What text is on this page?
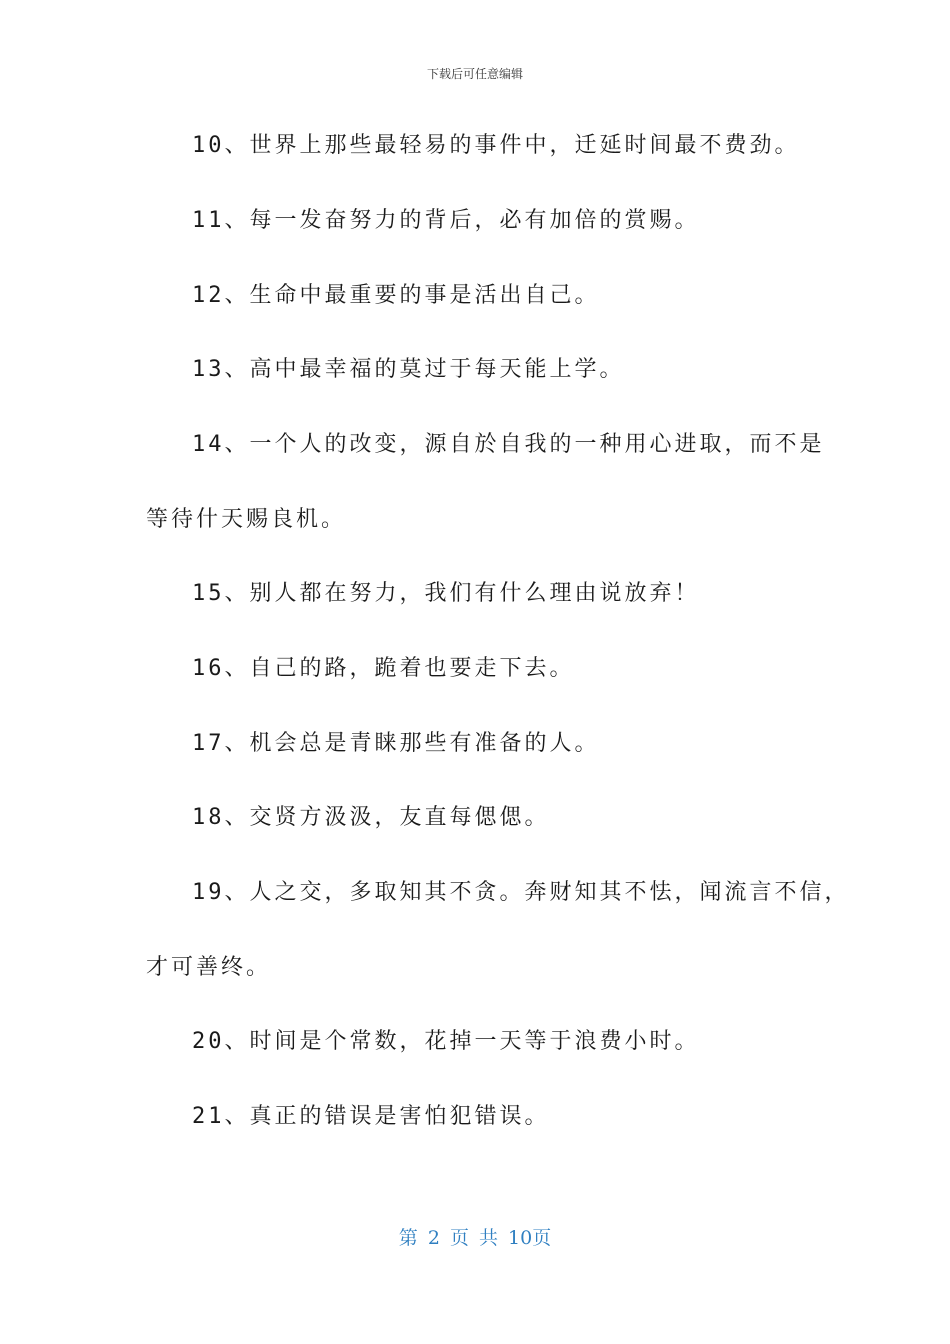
下载后可任意编辑
10、世界上那些最轻易的事件中，迁延时间最不费劲。
11、每一发奋努力的背后，必有加倍的赏赐。
12、生命中最重要的事是活出自己。
13、高中最幸福的莫过于每天能上学。
14、一个人的改变，源自於自我的一种用心进取，而不是
等待什天赐良机。
15、别人都在努力，我们有什么理由说放弃！
16、自己的路，跪着也要走下去。
17、机会总是青睐那些有准备的人。
18、交贤方汲汲，友直每偲偲。
19、人之交，多取知其不贪。奔财知其不怯，闻流言不信，
才可善终。
20、时间是个常数，花掉一天等于浪费小时。
21、真正的错误是害怕犯错误。
第 2 页 共 10页
